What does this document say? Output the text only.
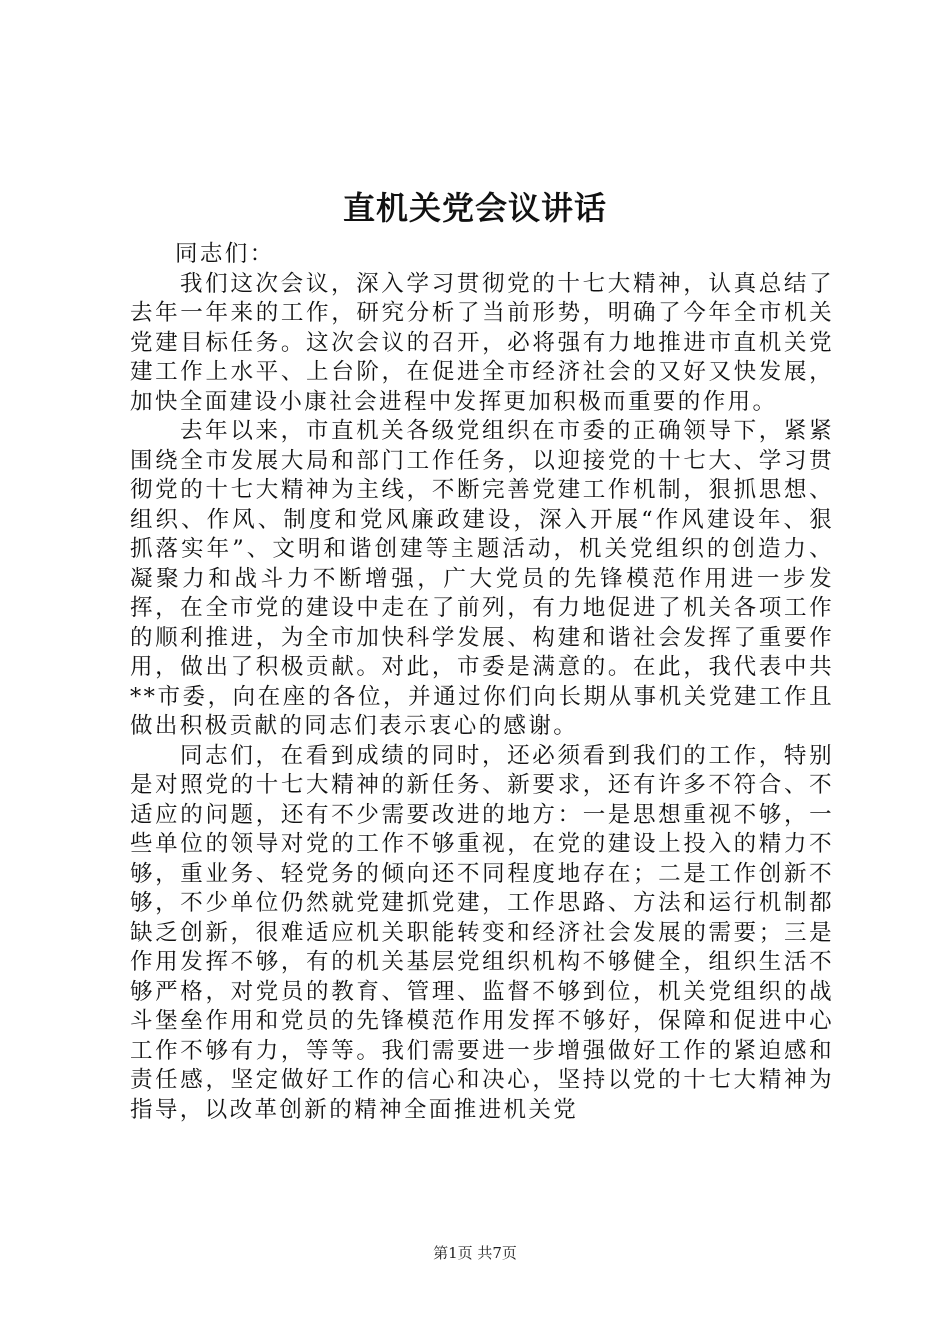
直机关党会议讲话

同志们：

我们这次会议，深入学习贯彻党的十七大精神，认真总结了去年一年来的工作，研究分析了当前形势，明确了今年全市机关党建目标任务。这次会议的召开，必将强有力地推进市直机关党建工作上水平、上台阶，在促进全市经济社会的又好又快发展，加快全面建设小康社会进程中发挥更加积极而重要的作用。

去年以来，市直机关各级党组织在市委的正确领导下，紧紧围绕全市发展大局和部门工作任务，以迎接党的十七大、学习贯彻党的十七大精神为主线，不断完善党建工作机制，狠抓思想、组织、作风、制度和党风廉政建设，深入开展“作风建设年、狠抓落实年”、文明和谐创建等主题活动，机关党组织的创造力、凝聚力和战斗力不断增强，广大党员的先锋模范作用进一步发挥，在全市党的建设中走在了前列，有力地促进了机关各项工作的顺利推进，为全市加快科学发展、构建和谐社会发挥了重要作用，做出了积极贡献。对此，市委是满意的。在此，我代表中共**市委，向在座的各位，并通过你们向长期从事机关党建工作且做出积极贡献的同志们表示衷心的感谢。

同志们，在看到成绩的同时，还必须看到我们的工作，特别是对照党的十七大精神的新任务、新要求，还有许多不符合、不适应的问题，还有不少需要改进的地方：一是思想重视不够，一些单位的领导对党的工作不够重视，在党的建设上投入的精力不够，重业务、轻党务的倾向还不同程度地存在；二是工作创新不够，不少单位仍然就党建抓党建，工作思路、方法和运行机制都缺乏创新，很难适应机关职能转变和经济社会发展的需要；三是作用发挥不够，有的机关基层党组织机构不够健全，组织生活不够严格，对党员的教育、管理、监督不够到位，机关党组织的战斗堡垒作用和党员的先锋模范作用发挥不够好，保障和促进中心工作不够有力，等等。我们需要进一步增强做好工作的紧迫感和责任感，坚定做好工作的信心和决心，坚持以党的十七大精神为指导，以改革创新的精神全面推进机关党

第1页 共7页
